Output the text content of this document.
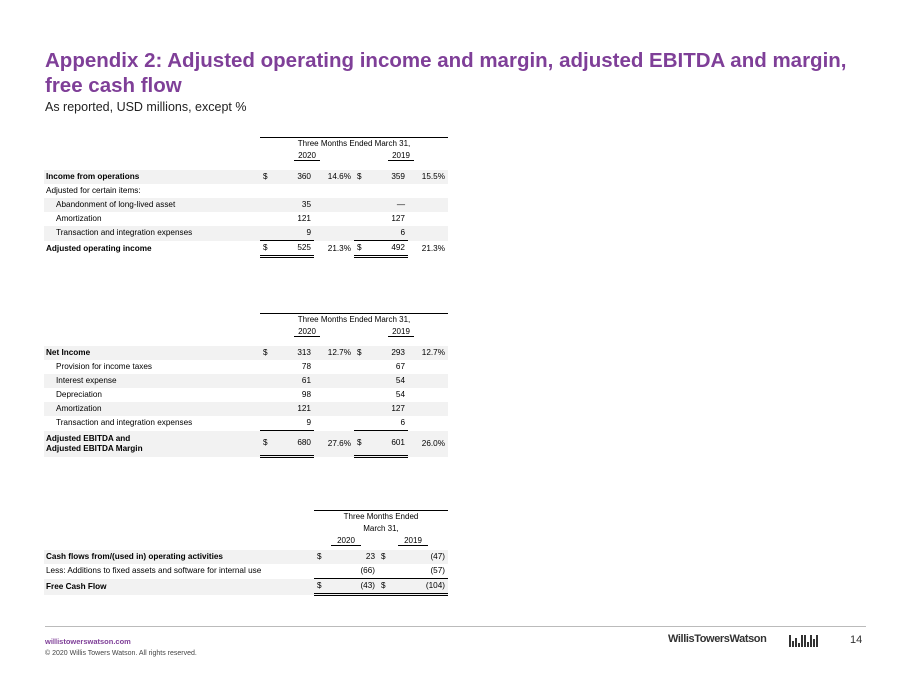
Appendix 2: Adjusted operating income and margin, adjusted EBITDA and margin, free cash flow
As reported, USD millions, except %
	Three Months Ended March 31,					
	2020			2019		

Income from operations	$	360	14.6%	$	359	15.5%
Adjusted for certain items:						
Abandonment of long-lived asset		35			—	
Amortization		121			127	
Transaction and integration expenses		9			6	
Adjusted operating income	$	525	21.3%	$	492	21.3%
	Three Months Ended March 31,					
	2020			2019		

Net Income	$	313	12.7%	$	293	12.7%
Provision for income taxes		78			67	
Interest expense		61			54	
Depreciation		98			54	
Amortization		121			127	
Transaction and integration expenses		9			6	

Adjusted EBITDA and
Adjusted EBITDA Margin	$	680	27.6%	$	601	26.0%
	Three Months Ended			
	March 31,			
	2020		2019	

Cash flows from/(used in) operating activities	$	23	$	(47)
Less: Additions to fixed assets and software for internal use		(66)		(57)
Free Cash Flow	$	(43)	$	(104)
willistowerswatson.com
© 2020 Willis Towers Watson. All rights reserved.
WillisTowersWatson	14
